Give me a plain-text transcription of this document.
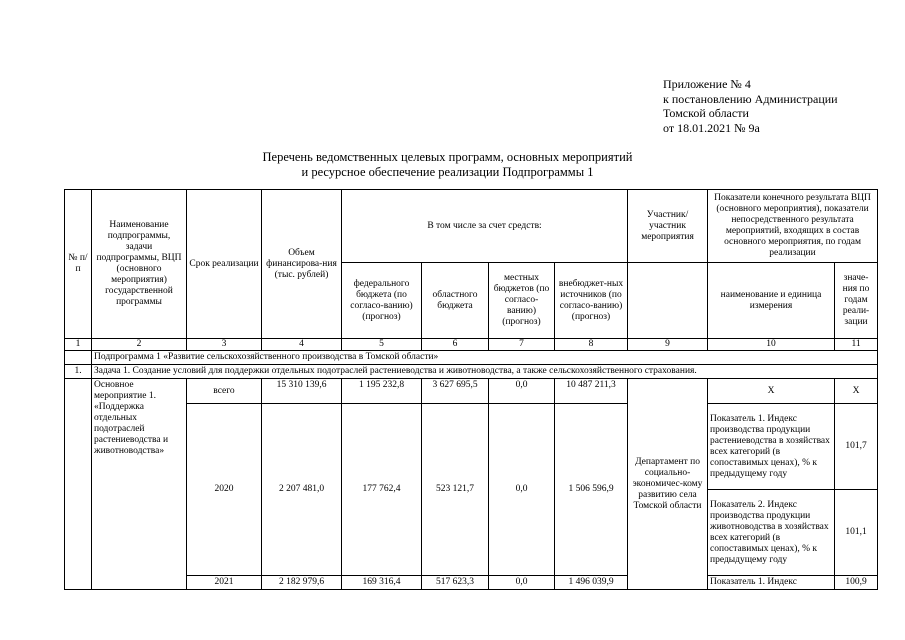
Приложение № 4
к постановлению Администрации
Томской области
от 18.01.2021 № 9а
Перечень ведомственных целевых программ, основных мероприятий
и ресурсное обеспечение реализации Подпрограммы 1
№ п/п	Наименование подпрограммы, задачи подпрограммы, ВЦП (основного мероприятия) государственной программы	Срок реализации	Объем финансирова-ния (тыс. рублей)	В том числе за счет средств:				Участник/ участник мероприятия	Показатели конечного результата ВЦП (основного мероприятия), показатели непосредственного результата мероприятий, входящих в состав основного мероприятия, по годам реализации	
				федерального бюджета (по согласо-ванию) (прогноз)	областного бюджета	местных бюджетов (по согласо-ванию) (прогноз)	внебюджет-ных источников (по согласо-ванию) (прогноз)		наименование и единица измерения	значе-ния по годам реали-зации
1	2	3	4	5	6	7	8	9	10	11
	Подпрограмма 1 «Развитие сельскохозяйственного производства в Томской области»									
1.	Задача 1. Создание условий для поддержки отдельных подотраслей растениеводства и животноводства, а также сельскохозяйственного страхования.									
	Основное мероприятие 1. «Поддержка отдельных подотраслей растениеводства и животноводства»	всего	15 310 139,6	1 195 232,8	3 627 695,5	0,0	10 487 211,3	Департамент по социально-экономичес-кому развитию села Томской области	Х	Х
		2020	2 207 481,0	177 762,4	523 121,7	0,0	1 506 596,9		Показатель 1. Индекс производства продукции растениеводства в хозяйствах всех категорий (в сопоставимых ценах), % к предыдущему году	101,7
									Показатель 2. Индекс производства продукции животноводства в хозяйствах всех категорий (в сопоставимых ценах), % к предыдущему году	101,1
		2021	2 182 979,6	169 316,4	517 623,3	0,0	1 496 039,9		Показатель 1. Индекс	100,9
